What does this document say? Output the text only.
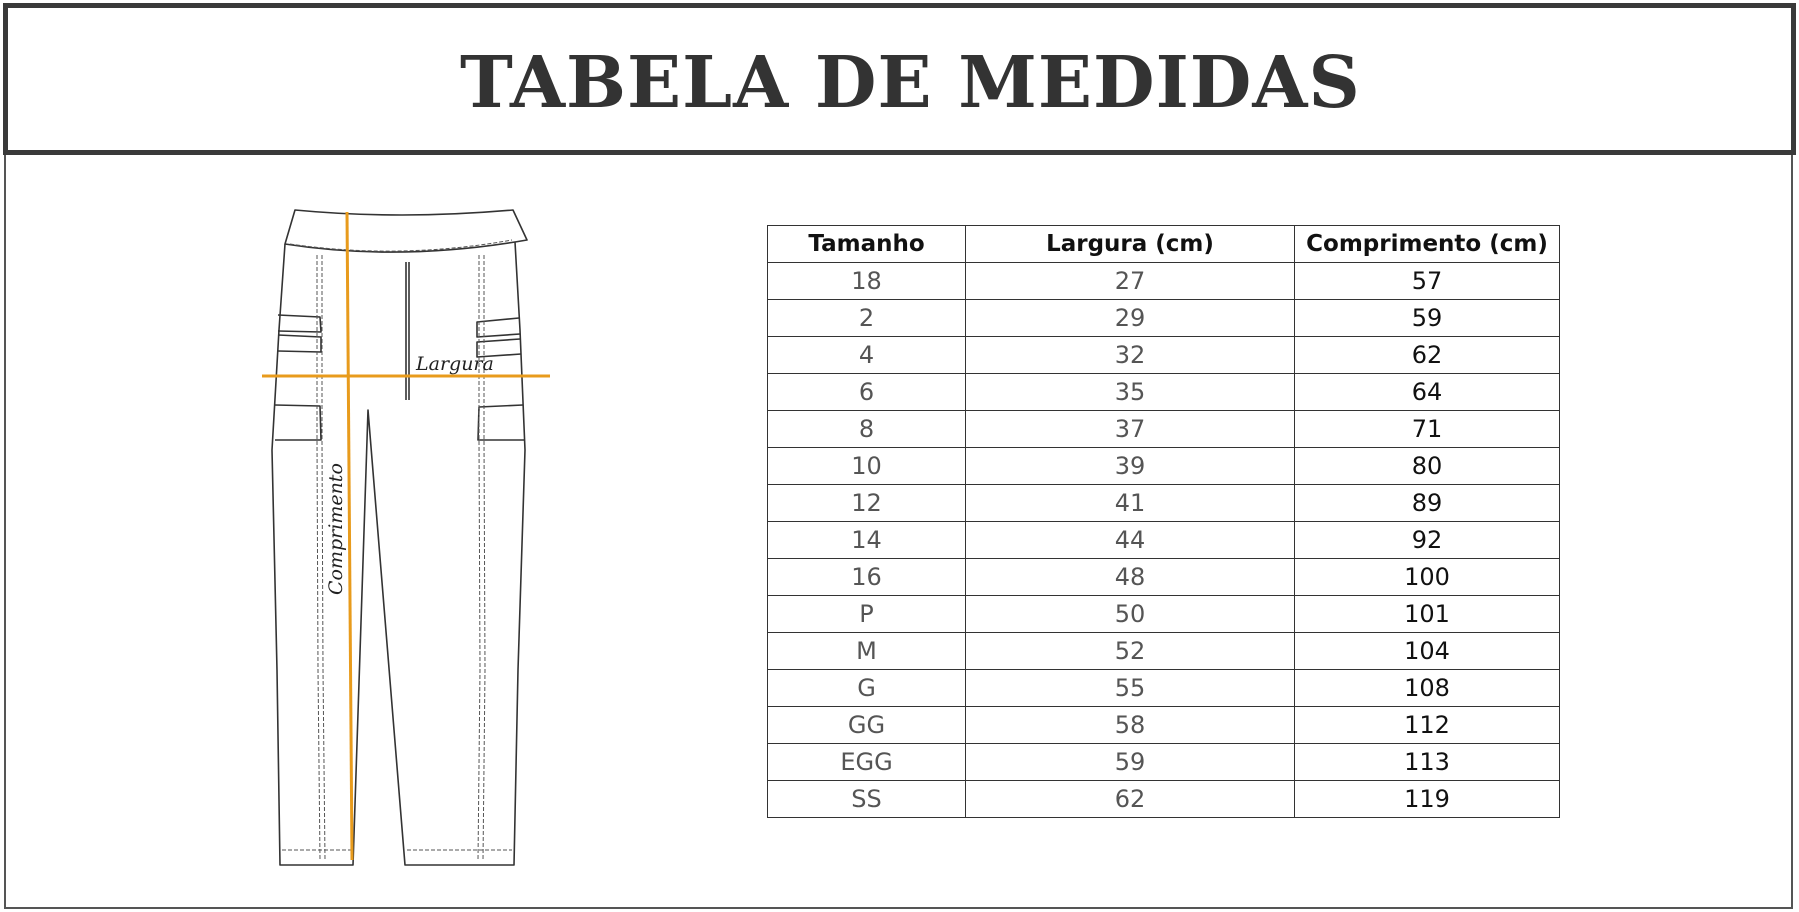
TABELA DE MEDIDAS
Largura
Comprimento
Tamanho	Largura (cm)	Comprimento (cm)
18	27	57
2	29	59
4	32	62
6	35	64
8	37	71
10	39	80
12	41	89
14	44	92
16	48	100
P	50	101
M	52	104
G	55	108
GG	58	112
EGG	59	113
SS	62	119
